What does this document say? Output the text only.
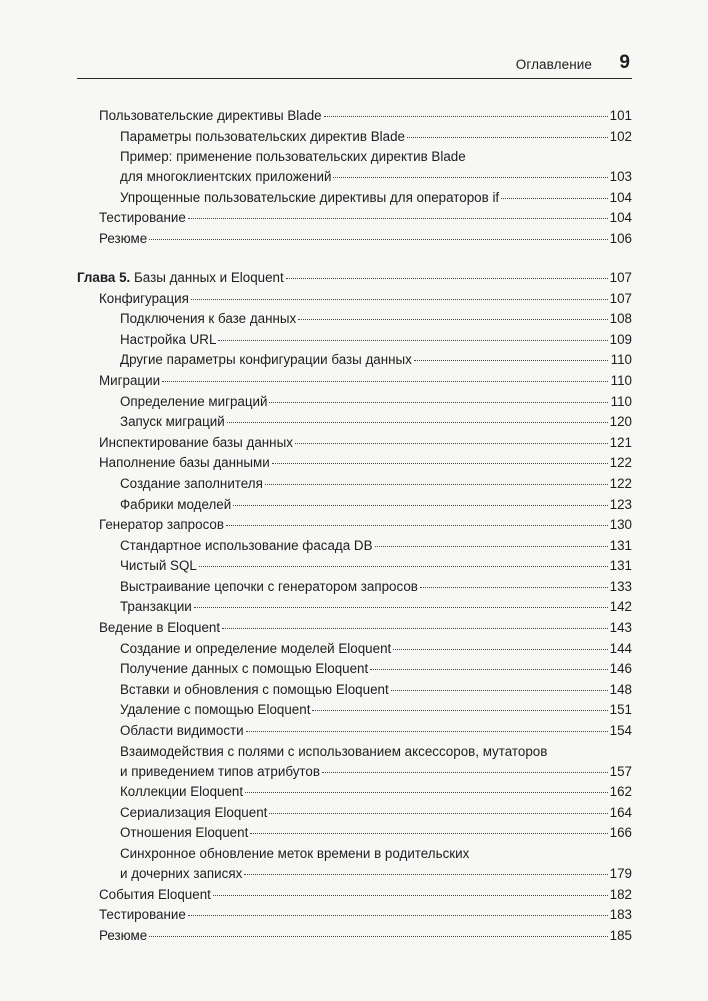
Оглавление 9
Пользовательские директивы Blade	101
Параметры пользовательских директив Blade	102
Пример: применение пользовательских директив Blade
для многоклиентских приложений	103
Упрощенные пользовательские директивы для операторов if	104
Тестирование	104
Резюме	106
Глава 5. Базы данных и Eloquent	107
Конфигурация	107
Подключения к базе данных	108
Настройка URL	109
Другие параметры конфигурации базы данных	110
Миграции	110
Определение миграций	110
Запуск миграций	120
Инспектирование базы данных	121
Наполнение базы данными	122
Создание заполнителя	122
Фабрики моделей	123
Генератор запросов	130
Стандартное использование фасада DB	131
Чистый SQL	131
Выстраивание цепочки с генератором запросов	133
Транзакции	142
Ведение в Eloquent	143
Создание и определение моделей Eloquent	144
Получение данных с помощью Eloquent	146
Вставки и обновления с помощью Eloquent	148
Удаление с помощью Eloquent	151
Области видимости	154
Взаимодействия с полями с использованием аксессоров, мутаторов
и приведением типов атрибутов	157
Коллекции Eloquent	162
Сериализация Eloquent	164
Отношения Eloquent	166
Синхронное обновление меток времени в родительских
и дочерних записях	179
События Eloquent	182
Тестирование	183
Резюме	185
